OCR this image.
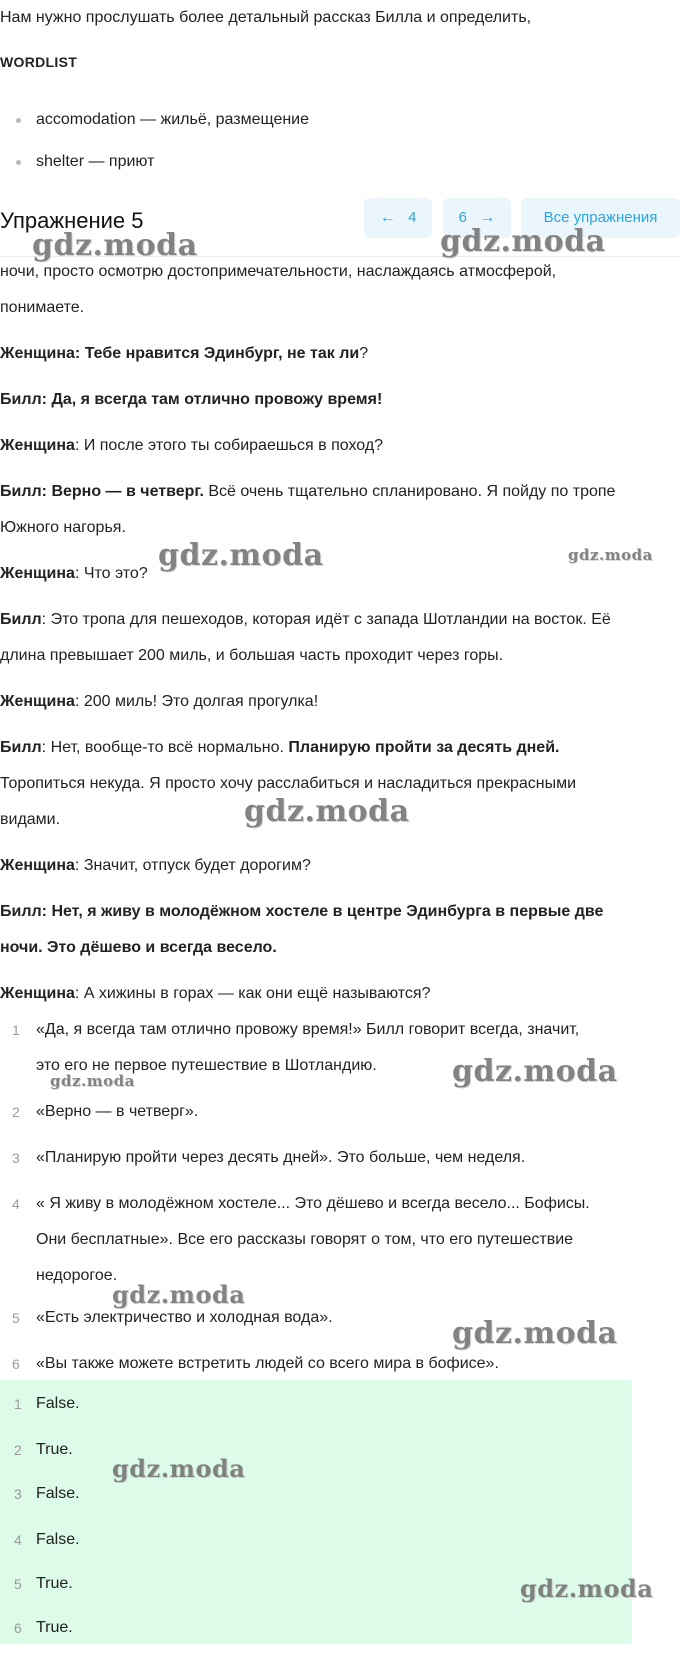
Нам нужно прослушать более детальный рассказ Билла и определить,

WORDLIST
accomodation — жильё, размещение
shelter — приют

ночи, просто осмотрю достопримечательности, наслаждаясь атмосферой,

понимаете.

Женщина: Тебе нравится Эдинбург, не так ли?

Билл: Да, я всегда там отлично провожу время!

Женщина: И после этого ты собираешься в поход?

Билл: Верно — в четверг. Всё очень тщательно спланировано. Я пойду по тропе

Южного нагорья.

Женщина: Что это?

Билл: Это тропа для пешеходов, которая идёт с запада Шотландии на восток. Её

длина превышает 200 миль, и большая часть проходит через горы.

Женщина: 200 миль! Это долгая прогулка!

Билл: Нет, вообще-то всё нормально. Планирую пройти за десять дней.

Торопиться некуда. Я просто хочу расслабиться и насладиться прекрасными

видами.

Женщина: Значит, отпуск будет дорогим?

Билл: Нет, я живу в молодёжном хостеле в центре Эдинбурга в первые две

ночи. Это дёшево и всегда весело.

Женщина: А хижины в горах — как они ещё называются?

1	«Да, я всегда там отлично провожу время!» Билл говорит всегда, значит,
это его не первое путешествие в Шотландию.
2	«Верно — в четверг».
3	«Планирую пройти через десять дней». Это больше, чем неделя.
4	« Я живу в молодёжном хостеле... Это дёшево и всегда весело... Бофисы.
Они бесплатные». Все его рассказы говорят о том, что его путешествие
недорогое.
5	«Есть электричество и холодная вода».
6	«Вы также можете встретить людей со всего мира в бофисе».
1 False.
2 True.
3 False.
4 False.
5 True.
6 True.
Упражнение 5	← 4	6 →	Все упражнения
gdz.moda	gdz.moda
gdz.moda	gdz.moda
gdz.moda
gdz.moda	gdz.moda
gdz.moda
gdz.moda
gdz.moda
gdz.moda
